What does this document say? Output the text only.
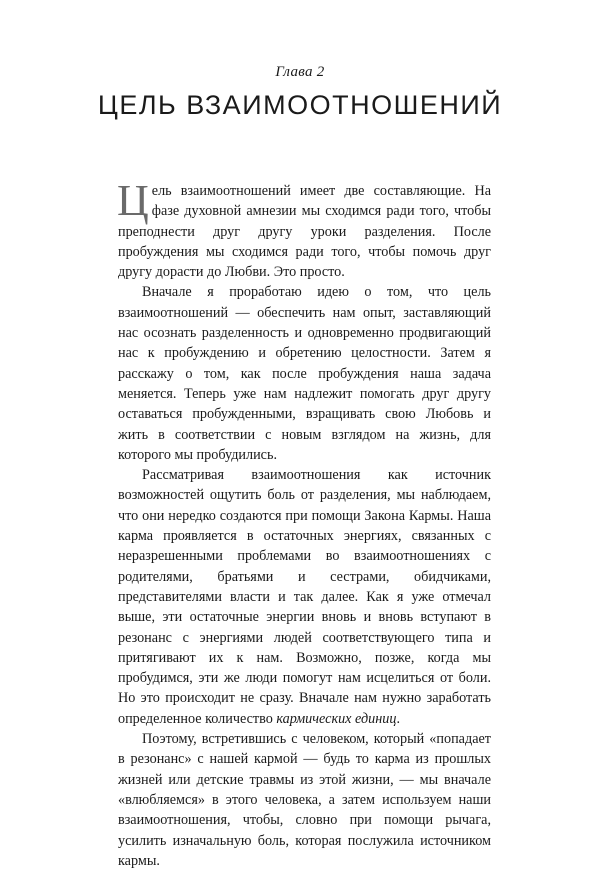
Глава 2
ЦЕЛЬ ВЗАИМООТНОШЕНИЙ

Цель взаимоотношений имеет две составляющие. На фазе духовной амнезии мы сходимся ради того, чтобы преподнести друг другу уроки разделения. После пробуждения мы сходимся ради того, чтобы помочь друг другу дорасти до Любви. Это просто.

Вначале я проработаю идею о том, что цель взаимоотношений — обеспечить нам опыт, заставляющий нас осознать разделенность и одновременно продвигающий нас к пробуждению и обретению целостности. Затем я расскажу о том, как после пробуждения наша задача меняется. Теперь уже нам надлежит помогать друг другу оставаться пробужденными, взращивать свою Любовь и жить в соответствии с новым взглядом на жизнь, для которого мы пробудились.

Рассматривая взаимоотношения как источник возможностей ощутить боль от разделения, мы наблюдаем, что они нередко создаются при помощи Закона Кармы. Наша карма проявляется в остаточных энергиях, связанных с неразрешенными проблемами во взаимоотношениях с родителями, братьями и сестрами, обидчиками, представителями власти и так далее. Как я уже отмечал выше, эти остаточные энергии вновь и вновь вступают в резонанс с энергиями людей соответствующего типа и притягивают их к нам. Возможно, позже, когда мы пробудимся, эти же люди помогут нам исцелиться от боли. Но это происходит не сразу. Вначале нам нужно заработать определенное количество кармических единиц.

Поэтому, встретившись с человеком, который «попадает в резонанс» с нашей кармой — будь то карма из прошлых жизней или детские травмы из этой жизни, — мы вначале «влюбляемся» в этого человека, а затем используем наши взаимоотношения, чтобы, словно при помощи рычага, усилить изначальную боль, которая послужила источником кармы.
